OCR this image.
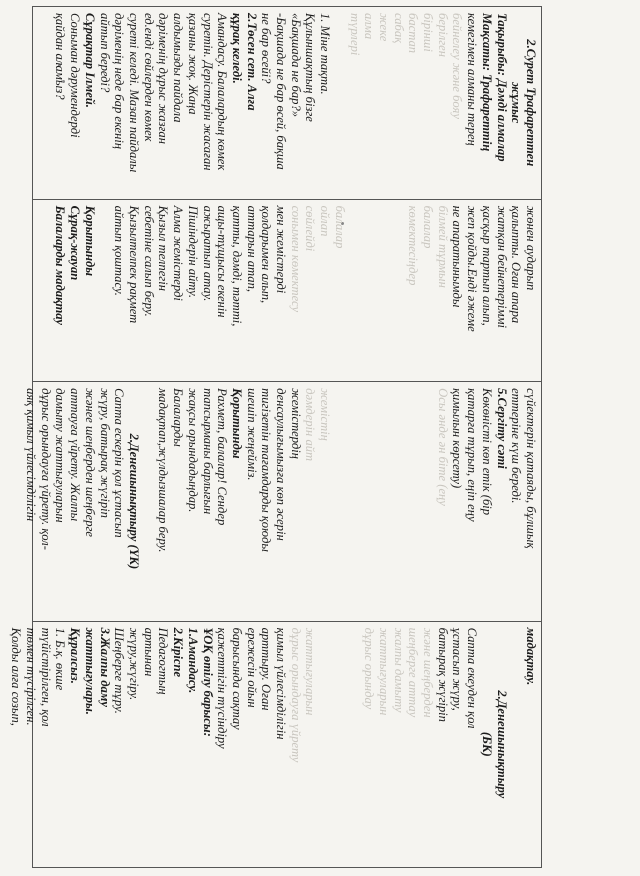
2.Сурет Трафареттен

жұмыс

Тақырыбы: Дәмді алмалар

Мақсаты: Трафареттің

кемегімен алманы терең

бейнелеу және бояу

берілген

бірінші

бастап

сабақ

жеке

алма

түрлері

1. Міне тақта.

Құлыншақтың бізге

«Бақшада не бар?»

-Бақшада не бар өсей, бақша

не бар өсейі?

2.Төсен сет. Алға

құрақ келеді.

Амандасу. Балалардың көмек

суретін. Дерістерін жасаған

қазаны жоқ. Жаңа

алдымызды пайдала

дәріменің дұрыс жазған

ед.енді сөйлерден көмек

суреті келеді. Мазан пайдалы

дәріменің неде бар екенің

айтып береді?

Сұрақтар Ілмей.

Соныман дәрумендерді

қайдан аламыз?

жөнен аударып

қалыпты. Оған апара

жатқан бейнетеріммі

қасқыр тартып алып,

жеп қойды.Енді әжеме

не апаратынымды

білмей тұрмын

балалар

көмектесіңдер

балалар

ойлап

сөйлейді

сонымен көмектесу

мен жемістерді

қолдарымен алып,

аттарын атап,

қатты, дәмді, тәтті,

ащы-тұщысы екенін

ажыратып атау.

Пішіндерін айту.

Алма жемістерді

Қызыл телпегін

себетіне салып беру.

Қызылтелпек рақмет

айтып қоштасу.

Қорытынды

Сұрақ-жауап

Балаларды мадақтау

сүйектерін қатаяды, бұлшық

еттеріне күш береді.

5.Сергіту сәті

Көкөністі көп етік (бір

қатарға тұрып, еңіп еңу

қимылын көрсету)

Осы әнде ән біте (еңу

жемістің

дәмдерін айт

жемістердің

денсаулығымызға көп әсерін

тигізетін тағамдарды қоюды

шешіп жеңейміз.

Қорытынды

Рахмет, балалар! Сендер

тапсырманы барлығын

жақсы орындадыңдар.

Балаларды

мадақтап,жүлдызшалар беру.

2.Денешынықтыру (ҮК)

Сапта ескерін қол ұстасып

жүру, батырақ жүгіріп

жәнее шеңберден шеңберге

аттауға үйрету. Жалпы

дамыту жаттығуларын

дұрыс орындауға үйрету. қол-

аяқ қимыл үйлесімділігін

мадақтау.

2.Денешынықтыру

(БК)

Сапта екеуден қол

ұстасып жүру,

батырақ жүгіріп

және шеңберден

шеңберге аттау

жалпы дамыту

жаттығуларын

дұрыс орындау

жаттығуларын

дұрыс орындауға үйрету

қимыл үйлесімділігін

арттыру. Оған

ережесін ойын

барысында сақтау

қажеттігін түсіндіру

ҰОҚ өтілу барысы:

1.Амандасу.

2.Кіріспе

Педагогтың

артынан

жүру,жүгіру.

Шеңберге тұру.

3.Жалпы даму

жаттығулары.

Құралсыз.

1. Б.қ. өкше

түйістірілген, қол

төмен түсірілген.

Қолды алға созып,
